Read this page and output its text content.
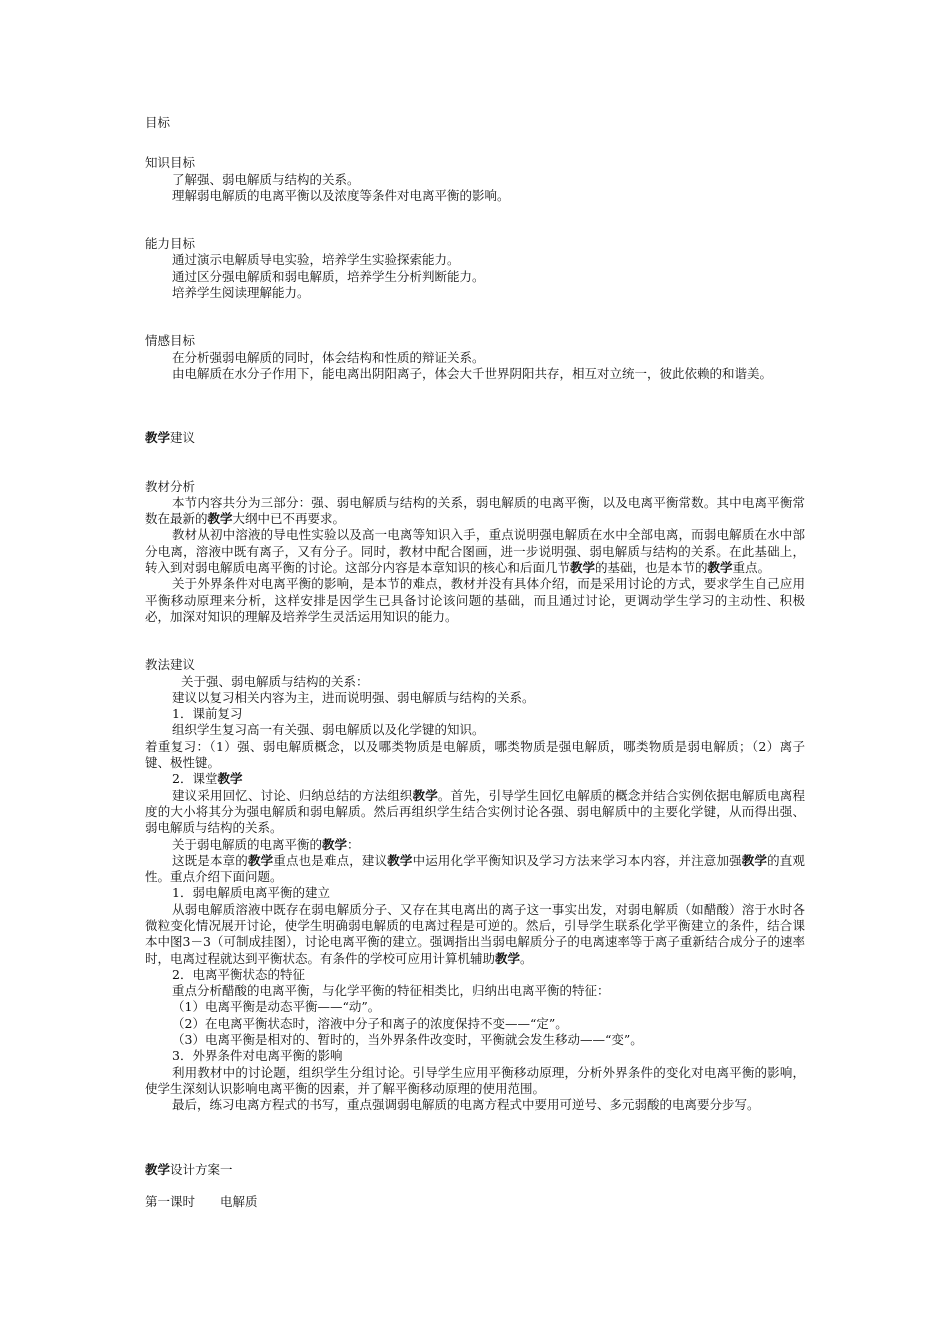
目标

知识目标

了解强、弱电解质与结构的关系。

理解弱电解质的电离平衡以及浓度等条件对电离平衡的影响。

能力目标

通过演示电解质导电实验，培养学生实验探索能力。

通过区分强电解质和弱电解质，培养学生分析判断能力。

培养学生阅读理解能力。

情感目标

在分析强弱电解质的同时，体会结构和性质的辩证关系。

由电解质在水分子作用下，能电离出阴阳离子，体会大千世界阴阳共存，相互对立统一，彼此依赖的和谐美。

教学建议

教材分析

本节内容共分为三部分：强、弱电解质与结构的关系，弱电解质的电离平衡，以及电离平衡常数。其中电离平衡常数在最新的教学大纲中已不再要求。

教材从初中溶液的导电性实验以及高一电离等知识入手，重点说明强电解质在水中全部电离，而弱电解质在水中部分电离，溶液中既有离子，又有分子。同时，教材中配合图画，进一步说明强、弱电解质与结构的关系。在此基础上，转入到对弱电解质电离平衡的讨论。这部分内容是本章知识的核心和后面几节教学的基础，也是本节的教学重点。

关于外界条件对电离平衡的影响，是本节的难点，教材并没有具体介绍，而是采用讨论的方式，要求学生自己应用平衡移动原理来分析，这样安排是因学生已具备讨论该问题的基础，而且通过讨论，更调动学生学习的主动性、积极必，加深对知识的理解及培养学生灵活运用知识的能力。

教法建议

关于强、弱电解质与结构的关系：

建议以复习相关内容为主，进而说明强、弱电解质与结构的关系。

1．课前复习

组织学生复习高一有关强、弱电解质以及化学键的知识。

着重复习：（1）强、弱电解质概念，以及哪类物质是电解质，哪类物质是强电解质，哪类物质是弱电解质；（2）离子键、极性键。

2．课堂教学

建议采用回忆、讨论、归纳总结的方法组织教学。首先，引导学生回忆电解质的概念并结合实例依据电解质电离程度的大小将其分为强电解质和弱电解质。然后再组织学生结合实例讨论各强、弱电解质中的主要化学键，从而得出强、弱电解质与结构的关系。

关于弱电解质的电离平衡的教学：

这既是本章的教学重点也是难点，建议教学中运用化学平衡知识及学习方法来学习本内容，并注意加强教学的直观性。重点介绍下面问题。

1．弱电解质电离平衡的建立

从弱电解质溶液中既存在弱电解质分子、又存在其电离出的离子这一事实出发，对弱电解质（如醋酸）溶于水时各微粒变化情况展开讨论，使学生明确弱电解质的电离过程是可逆的。然后，引导学生联系化学平衡建立的条件，结合课本中图3－3（可制成挂图），讨论电离平衡的建立。强调指出当弱电解质分子的电离速率等于离子重新结合成分子的速率时，电离过程就达到平衡状态。有条件的学校可应用计算机辅助教学。

2．电离平衡状态的特征

重点分析醋酸的电离平衡，与化学平衡的特征相类比，归纳出电离平衡的特征：

（1）电离平衡是动态平衡——“动”。

（2）在电离平衡状态时，溶液中分子和离子的浓度保持不变——“定”。

（3）电离平衡是相对的、暂时的，当外界条件改变时，平衡就会发生移动——“变”。

3．外界条件对电离平衡的影响

利用教材中的讨论题，组织学生分组讨论。引导学生应用平衡移动原理，分析外界条件的变化对电离平衡的影响，使学生深刻认识影响电离平衡的因素，并了解平衡移动原理的使用范围。

最后，练习电离方程式的书写，重点强调弱电解质的电离方程式中要用可逆号、多元弱酸的电离要分步写。

教学设计方案一

第一课时　　电解质
